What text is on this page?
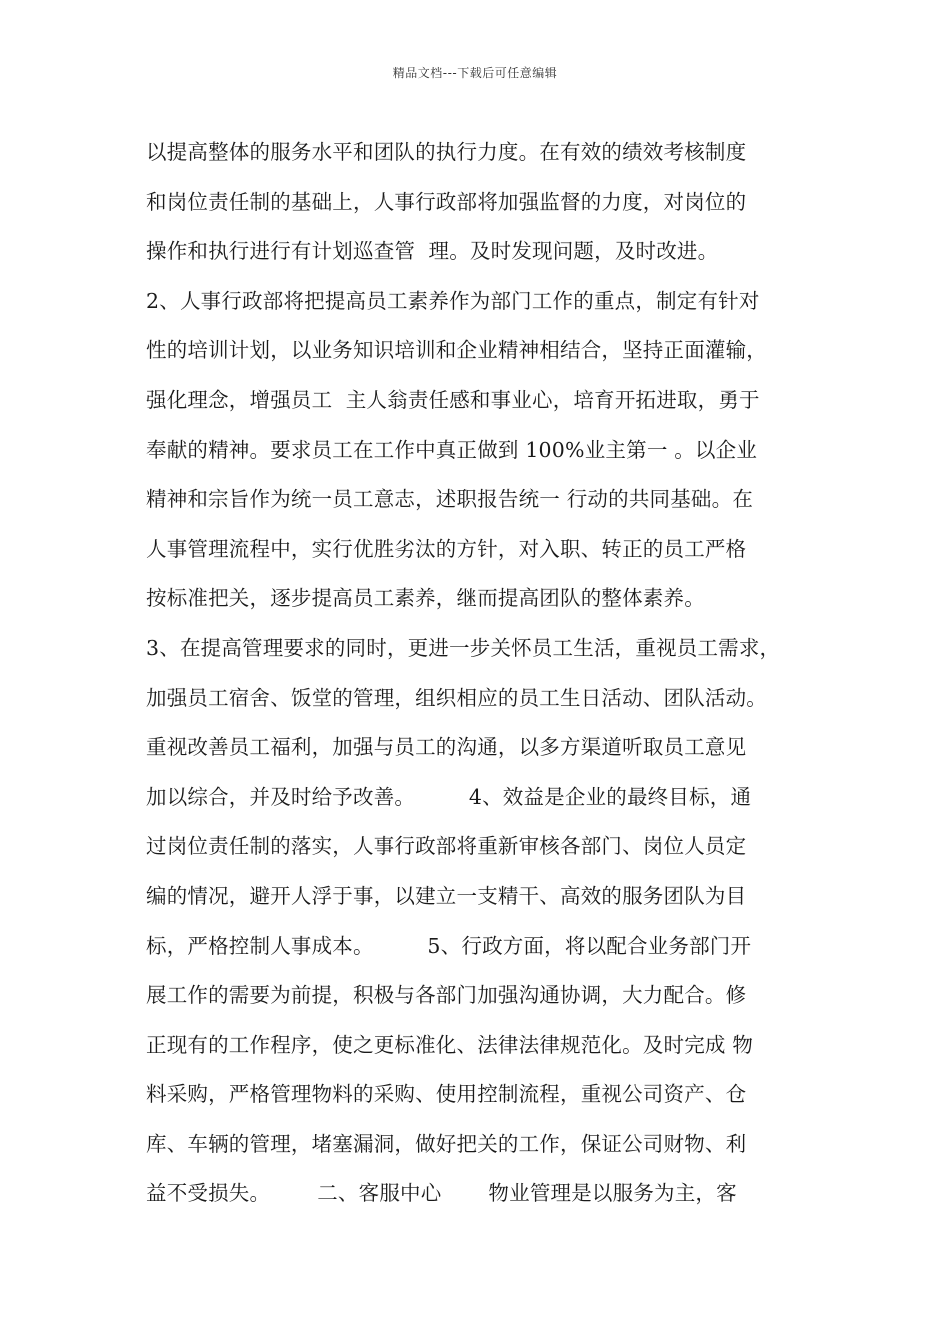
精品文档---下载后可任意编辑
以提高整体的服务水平和团队的执行力度。在有效的绩效考核制度
和岗位责任制的基础上，人事行政部将加强监督的力度，对岗位的
操作和执行进行有计划巡查管  理。及时发现问题，及时改进。
2、人事行政部将把提高员工素养作为部门工作的重点，制定有针对
性的培训计划，以业务知识培训和企业精神相结合，坚持正面灌输，
强化理念，增强员工  主人翁责任感和事业心，培育开拓进取，勇于
奉献的精神。要求员工在工作中真正做到 100%业主第一 。以企业
精神和宗旨作为统一员工意志，述职报告统一 行动的共同基础。在
人事管理流程中，实行优胜劣汰的方针，对入职、转正的员工严格
按标准把关，逐步提高员工素养，继而提高团队的整体素养。
3、在提高管理要求的同时，更进一步关怀员工生活，重视员工需求，
加强员工宿舍、饭堂的管理，组织相应的员工生日活动、团队活动。
重视改善员工福利，加强与员工的沟通，以多方渠道听取员工意见
加以综合，并及时给予改善。        4、效益是企业的最终目标，通
过岗位责任制的落实，人事行政部将重新审核各部门、岗位人员定
编的情况，避开人浮于事，以建立一支精干、高效的服务团队为目
标，严格控制人事成本。        5、行政方面，将以配合业务部门开
展工作的需要为前提，积极与各部门加强沟通协调，大力配合。修
正现有的工作程序，使之更标准化、法律法律规范化。及时完成 物
料采购，严格管理物料的采购、使用控制流程，重视公司资产、仓
库、车辆的管理，堵塞漏洞，做好把关的工作，保证公司财物、利
益不受损失。       二、客服中心       物业管理是以服务为主，客
